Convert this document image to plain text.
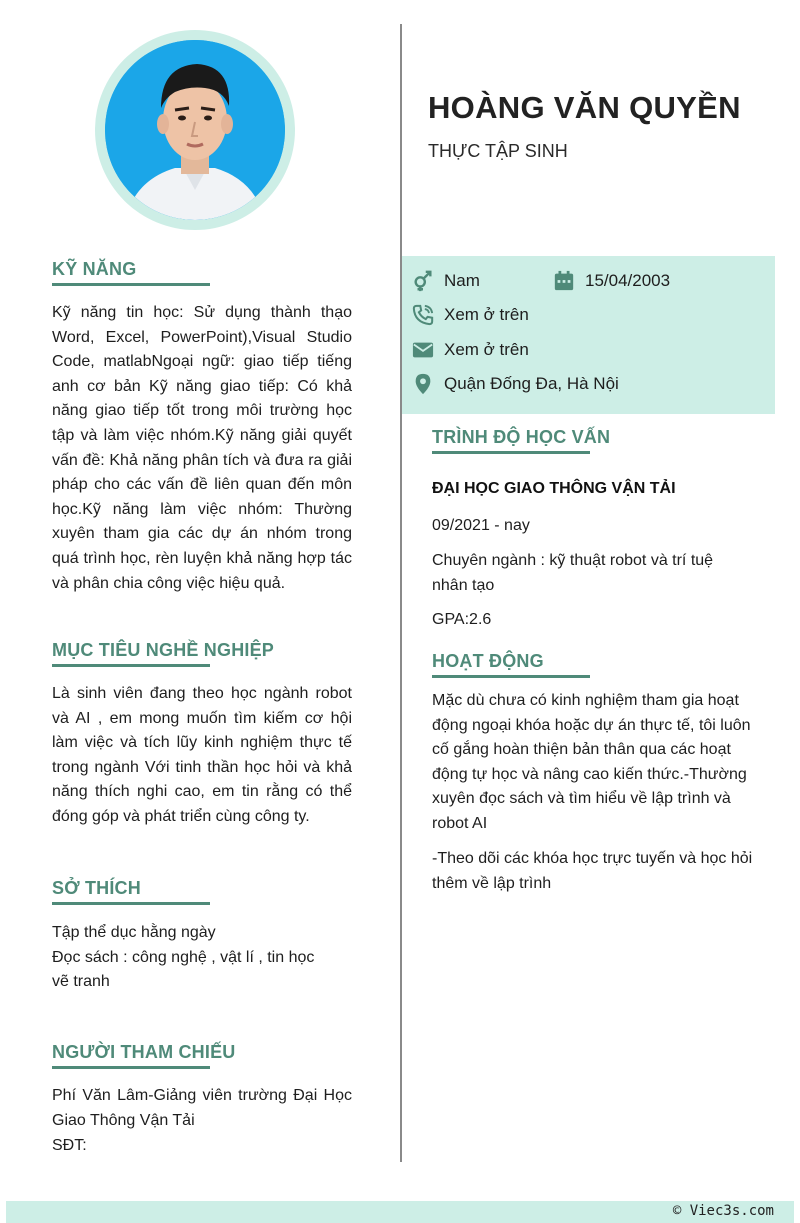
HOÀNG VĂN QUYỀN
THỰC TẬP SINH
Nam	15/04/2003
Xem ở trên
Xem ở trên
Quận Đống Đa, Hà Nội
KỸ NĂNG
Kỹ năng tin học: Sử dụng thành thạo Word, Excel, PowerPoint),Visual Studio Code, matlabNgoại ngữ: giao tiếp tiếng anh cơ bản Kỹ năng giao tiếp: Có khả năng giao tiếp tốt trong môi trường học tập và làm việc nhóm.Kỹ năng giải quyết vấn đề: Khả năng phân tích và đưa ra giải pháp cho các vấn đề liên quan đến môn học.Kỹ năng làm việc nhóm: Thường xuyên tham gia các dự án nhóm trong quá trình học, rèn luyện khả năng hợp tác và phân chia công việc hiệu quả.
MỤC TIÊU NGHỀ NGHIỆP
Là sinh viên đang theo học ngành robot và AI , em mong muốn tìm kiếm cơ hội làm việc và tích lũy kinh nghiệm thực tế trong ngành Với tinh thần học hỏi và khả năng thích nghi cao, em tin rằng có thể đóng góp và phát triển cùng công ty.
SỞ THÍCH
Tập thể dục hằng ngày
Đọc sách : công nghệ , vật lí , tin học
vẽ tranh
NGƯỜI THAM CHIẾU
Phí Văn Lâm-Giảng viên trường Đại Học Giao Thông Vận Tải
SĐT:
TRÌNH ĐỘ HỌC VẤN
ĐẠI HỌC GIAO THÔNG VẬN TẢI
09/2021 - nay
Chuyên ngành : kỹ thuật robot và trí tuệ nhân tạo
GPA:2.6
HOẠT ĐỘNG
Mặc dù chưa có kinh nghiệm tham gia hoạt động ngoại khóa hoặc dự án thực tế, tôi luôn cố gắng hoàn thiện bản thân qua các hoạt động tự học và nâng cao kiến thức.-Thường xuyên đọc sách và tìm hiểu về lập trình và robot AI
-Theo dõi các khóa học trực tuyến và học hỏi thêm về lập trình
© Viec3s.com
